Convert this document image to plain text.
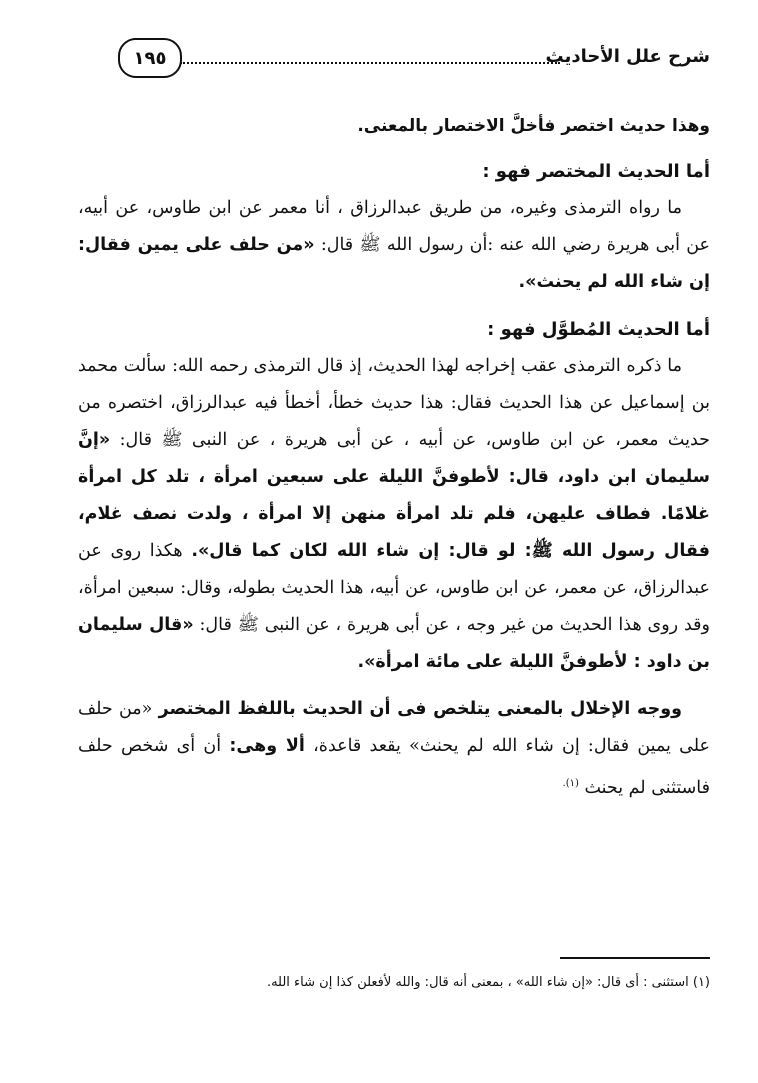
شرح علل الأحاديث
١٩٥

وهذا حديث اختصر فأخلَّ الاختصار بالمعنى.

أما الحديث المختصر فهو :

ما رواه الترمذى وغيره، من طريق عبدالرزاق ، أنا معمر عن ابن طاوس، عن أبيه، عن أبى هريرة رضي الله عنه :أن رسول الله ﷺ قال: «من حلف على يمين فقال: إن شاء الله لم يحنث».

أما الحديث المُطوَّل فهو :

ما ذكره الترمذى عقب إخراجه لهذا الحديث، إذ قال الترمذى رحمه الله: سألت محمد بن إسماعيل عن هذا الحديث فقال: هذا حديث خطأ، أخطأ فيه عبدالرزاق، اختصره من حديث معمر، عن ابن طاوس، عن أبيه ، عن أبى هريرة ، عن النبى ﷺ قال: «إنَّ سليمان ابن داود، قال: لأطوفنَّ الليلة على سبعين امرأة ، تلد كل امرأة غلامًا. فطاف عليهن، فلم تلد امرأة منهن إلا امرأة ، ولدت نصف غلام، فقال رسول الله ﷺ: لو قال: إن شاء الله لكان كما قال». هكذا روى عن عبدالرزاق، عن معمر، عن ابن طاوس، عن أبيه، هذا الحديث بطوله، وقال: سبعين امرأة، وقد روى هذا الحديث من غير وجه ، عن أبى هريرة ، عن النبى ﷺ قال: «قال سليمان بن داود : لأطوفنَّ الليلة على مائة امرأة».

ووجه الإخلال بالمعنى يتلخص فى أن الحديث باللفظ المختصر «من حلف على يمين فقال: إن شاء الله لم يحنث» يقعد قاعدة، ألا وهى: أن أى شخص حلف فاستثنى لم يحنث $^{(١).}$

(١) استثنى : أى قال: «إن شاء الله» ، بمعنى أنه قال: والله لأفعلن كذا إن شاء الله.
